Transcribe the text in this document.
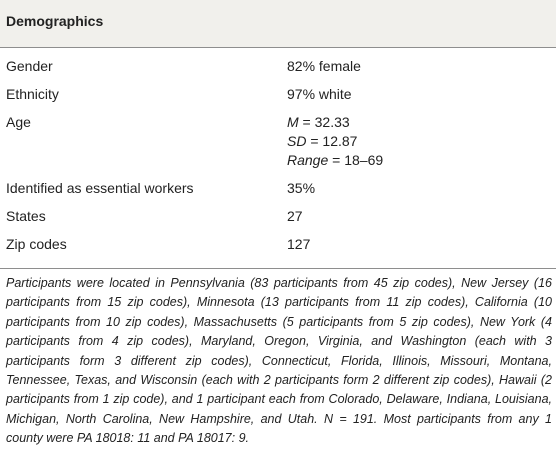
Demographics
Gender	82% female
Ethnicity	97% white
Age	M = 32.33
SD = 12.87
Range = 18–69
Identified as essential workers	35%
States	27
Zip codes	127

Participants were located in Pennsylvania (83 participants from 45 zip codes), New Jersey (16 participants from 15 zip codes), Minnesota (13 participants from 11 zip codes), California (10 participants from 10 zip codes), Massachusetts (5 participants from 5 zip codes), New York (4 participants from 4 zip codes), Maryland, Oregon, Virginia, and Washington (each with 3 participants form 3 different zip codes), Connecticut, Florida, Illinois, Missouri, Montana, Tennessee, Texas, and Wisconsin (each with 2 participants form 2 different zip codes), Hawaii (2 participants from 1 zip code), and 1 participant each from Colorado, Delaware, Indiana, Louisiana, Michigan, North Carolina, New Hampshire, and Utah. N = 191. Most participants from any 1 county were PA 18018: 11 and PA 18017: 9.
